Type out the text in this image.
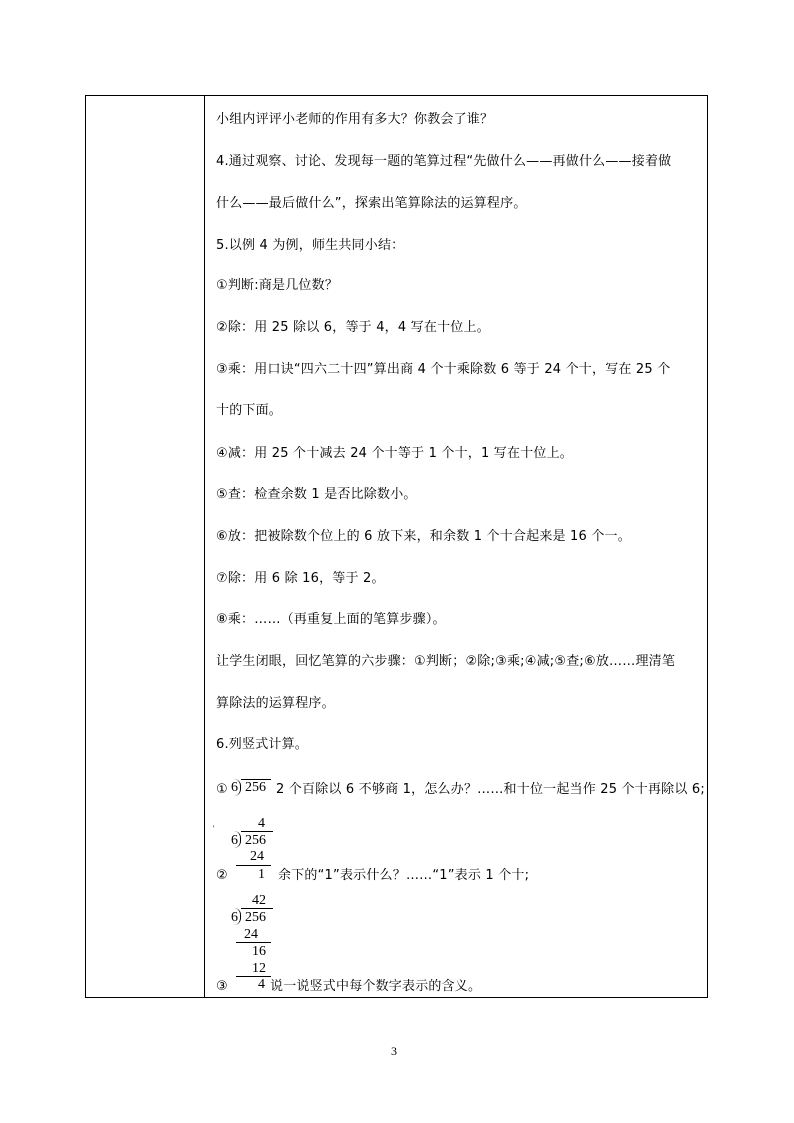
小组内评评小老师的作用有多大？你教会了谁？
4.通过观察、讨论、发现每一题的笔算过程“先做什么——再做什么——接着做
什么——最后做什么”，探索出笔算除法的运算程序。
5.以例 4 为例，师生共同小结：
①判断:商是几位数？
②除：用 25 除以 6，等于 4，4 写在十位上。
③乘：用口诀“四六二十四”算出商 4 个十乘除数 6 等于 24 个十，写在 25 个
十的下面。
④减：用 25 个十减去 24 个十等于 1 个十，1 写在十位上。
⑤查：检查余数 1 是否比除数小。
⑥放：把被除数个位上的 6 放下来，和余数 1 个十合起来是 16 个一。
⑦除：用 6 除 16，等于 2。
⑧乘：……（再重复上面的笔算步骤）。
让学生闭眼，回忆笔算的六步骤：①判断；②除;③乘;④减;⑤查;⑥放……理清笔
算除法的运算程序。
6.列竖式计算。
① 6 256 2 个百除以 6 不够商 1，怎么办？……和十位一起当作 25 个十再除以 6;
'	4
6 256
24
② 1 余下的“1”表示什么？……“1”表示 1 个十;
42
6 256
24
16
12
③ 4 说一说竖式中每个数字表示的含义。
3
